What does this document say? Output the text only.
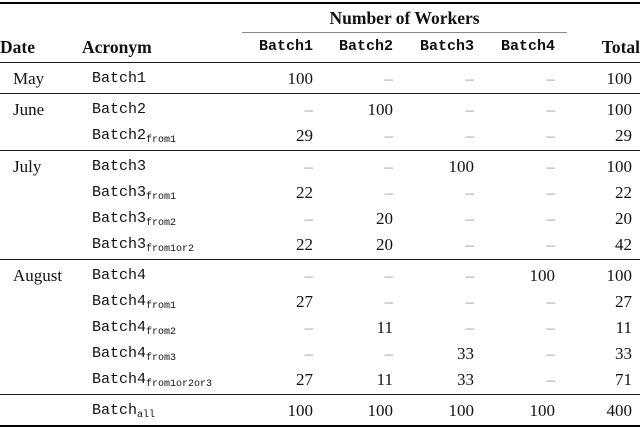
		Number of Workers				

Date	Acronym	Batch1	Batch2	Batch3	Batch4	Total
May	Batch1	100	–	–	–	100
June	Batch2	–	100	–	–	100
	$Batch2_{from1}$	29	–	–	–	29
July	Batch3	–	–	100	–	100
	$Batch3_{from1}$	22	–	–	–	22
	$Batch3_{from2}$	–	20	–	–	20
	$Batch3_{from1or2}$	22	20	–	–	42
August	Batch4	–	–	–	100	100
	$Batch4_{from1}$	27	–	–	–	27
	$Batch4_{from2}$	–	11	–	–	11
	$Batch4_{from3}$	–	–	33	–	33
	$Batch4_{from1or2or3}$	27	11	33	–	71
	Batch$_{all}$	100	100	100	100	400
